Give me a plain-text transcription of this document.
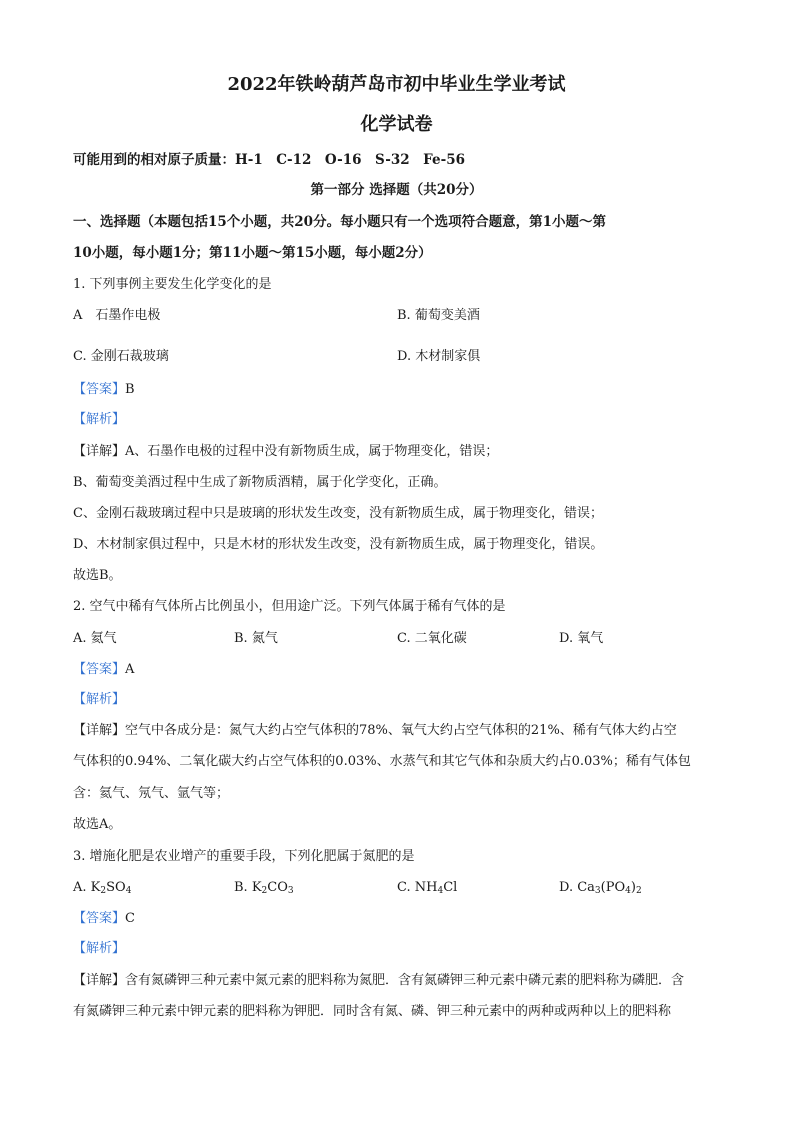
2022年铁岭葫芦岛市初中毕业生学业考试
化学试卷
可能用到的相对原子质量：H-1　C-12　O-16　S-32　Fe-56
第一部分 选择题（共20分）
一、选择题（本题包括15个小题，共20分。每小题只有一个选项符合题意，第1小题～第
10小题，每小题1分；第11小题～第15小题，每小题2分）
1. 下列事例主要发生化学变化的是
A　石墨作电极	B. 葡萄变美酒
C. 金刚石裁玻璃	D. 木材制家俱
【答案】B
【解析】
【详解】A、石墨作电极的过程中没有新物质生成，属于物理变化，错误；
B、葡萄变美酒过程中生成了新物质酒精，属于化学变化，正确。
C、金刚石裁玻璃过程中只是玻璃的形状发生改变，没有新物质生成，属于物理变化，错误；
D、木材制家俱过程中，只是木材的形状发生改变，没有新物质生成，属于物理变化，错误。
故选B。
2. 空气中稀有气体所占比例虽小，但用途广泛。下列气体属于稀有气体的是
A. 氦气	B. 氮气	C. 二氧化碳	D. 氧气
【答案】A
【解析】
【详解】空气中各成分是：氮气大约占空气体积的78%、氧气大约占空气体积的21%、稀有气体大约占空
气体积的0.94%、二氧化碳大约占空气体积的0.03%、水蒸气和其它气体和杂质大约占0.03%；稀有气体包
含：氦气、氖气、氩气等；
故选A。
3. 增施化肥是农业增产的重要手段，下列化肥属于氮肥的是
A. $K_2SO_4$	B. $K_2CO_3$	C. $NH_4Cl$	D. $Ca_3(PO_4)_2$
【答案】C
【解析】
【详解】含有氮磷钾三种元素中氮元素的肥料称为氮肥．含有氮磷钾三种元素中磷元素的肥料称为磷肥．含
有氮磷钾三种元素中钾元素的肥料称为钾肥．同时含有氮、磷、钾三种元素中的两种或两种以上的肥料称
